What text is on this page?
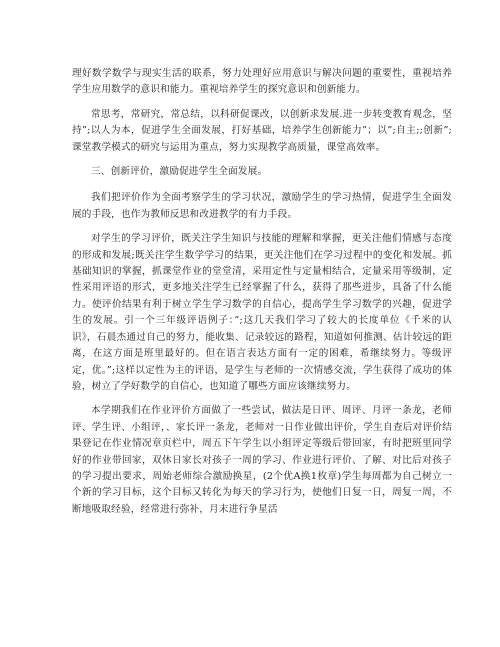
理好数学数学与现实生活的联系，努力处理好应用意识与解决问题的重要性，重视培养学生应用数学的意识和能力。重视培养学生的探究意识和创新能力。

常思考，常研究，常总结，以科研促课改，以创新求发展.进一步转变教育观念，坚持”;以人为本，促进学生全面发展，打好基础，培养学生创新能力”；以”;自主;;创新”;课堂教学模式的研究与运用为重点，努力实现教学高质量，课堂高效率。

三、创新评价，激励促进学生全面发展。

我们把评价作为全面考察学生的学习状况，激励学生的学习热情，促进学生全面发展的手段，也作为教师反思和改进教学的有力手段。

对学生的学习评价，既关注学生知识与技能的理解和掌握，更关注他们情感与态度的形成和发展;既关注学生数学学习的结果，更关注他们在学习过程中的变化和发展。抓基础知识的掌握，抓课堂作业的堂堂清，采用定性与定量相结合，定量采用等级制，定性采用评语的形式，更多地关注学生已经掌握了什么，获得了那些进步，具备了什么能力。使评价结果有利于树立学生学习数学的自信心，提高学生学习数学的兴趣，促进学生的发展。引一个三年级评语例子：”;这几天我们学习了较大的长度单位《千米的认识》，石晨杰通过自己的努力，能收集、记录较远的路程，知道如何推测、估计较远的距离，在这方面是班里最好的。但在语言表达方面有一定的困难，希继续努力。等级评定，优。”;这样以定性为主的评语，是学生与老师的一次情感交流，学生获得了成功的体验，树立了学好数学的自信心，也知道了哪些方面应该继续努力。

本学期我们在作业评价方面做了一些尝试，做法是日评、周评、月评一条龙，老师评、学生评、小组评，、家长评一条龙，老师对一日作业做出评价，学生自查后对评价结果登记在作业情况章页栏中，周五下午学生以小组评定等级后带回家，有时把班里同学好的作业带回家，双休日家长对孩子一周的学习、作业进行评价、了解、对比后对孩子的学习提出要求，周始老师综合激励换星，(2个优A换1枚章)学生每周都为自己树立一个新的学习目标，这个目标又转化为每天的学习行为，使他们日复一日，周复一周，不断地吸取经验，经常进行弥补，月末进行争星活
